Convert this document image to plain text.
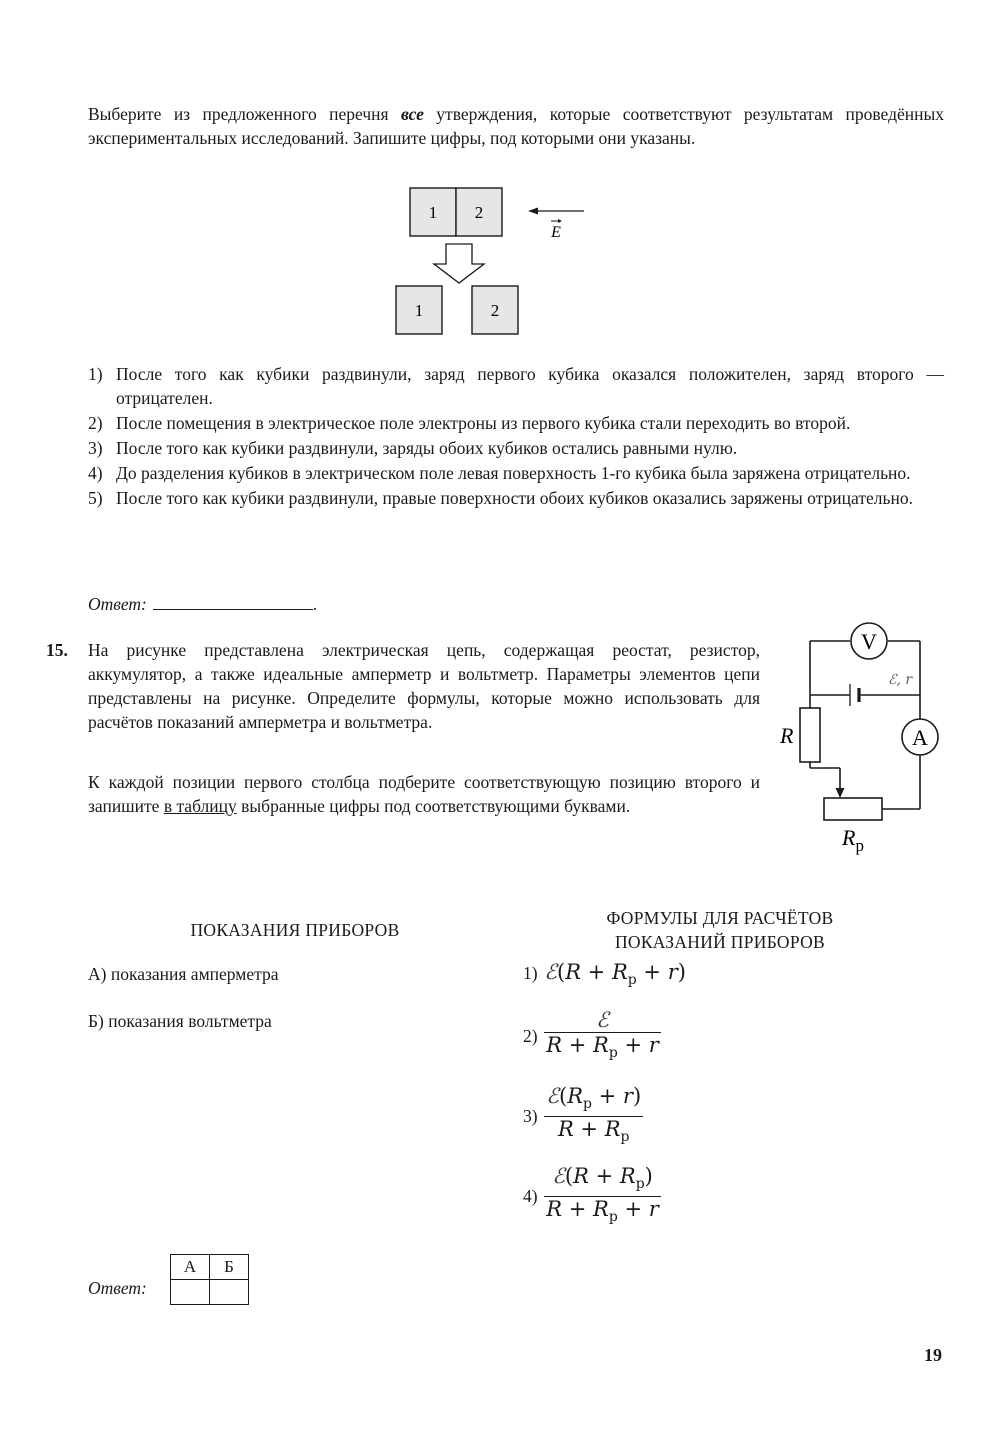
Выберите из предложенного перечня все утверждения, которые соответствуют результатам проведённых экспериментальных исследований. Запишите цифры, под которыми они указаны.
1 2
E
1	2
1) После того как кубики раздвинули, заряд первого кубика оказался положителен, заряд второго — отрицателен.
2) После помещения в электрическое поле электроны из первого кубика стали переходить во второй.
3) После того как кубики раздвинули, заряды обоих кубиков остались равными нулю.
4) До разделения кубиков в электрическом поле левая поверхность 1-го кубика была заряжена отрицательно.
5) После того как кубики раздвинули, правые поверхности обоих кубиков оказались заряжены отрицательно.
Ответ:	.
15. На рисунке представлена электрическая цепь, содержащая реостат, резистор, аккумулятор, а также идеальные амперметр и вольтметр. Параметры элементов цепи представлены на рисунке. Определите формулы, которые можно использовать для расчётов показаний амперметра и вольтметра.
К каждой позиции первого столбца подберите соответствующую позицию второго и запишите в таблицу выбранные цифры под соответствующими буквами.
V
A
ℰ, r
R
$R_р$
ПОКАЗАНИЯ ПРИБОРОВ
А) показания амперметра
Б) показания вольтметра
ФОРМУЛЫ ДЛЯ РАСЧЁТОВ
ПОКАЗАНИЙ ПРИБОРОВ
1) ℰ(R + $R_р + r$)
$2) \frac{\text{ℰ}}{R + R_р + r}$
$3) \frac{ℰ(R_р + r)}{R + R_р}$
$4) \frac{ℰ(R + R_р)}{R + R_р + r}$
Ответ:
А	Б

19
